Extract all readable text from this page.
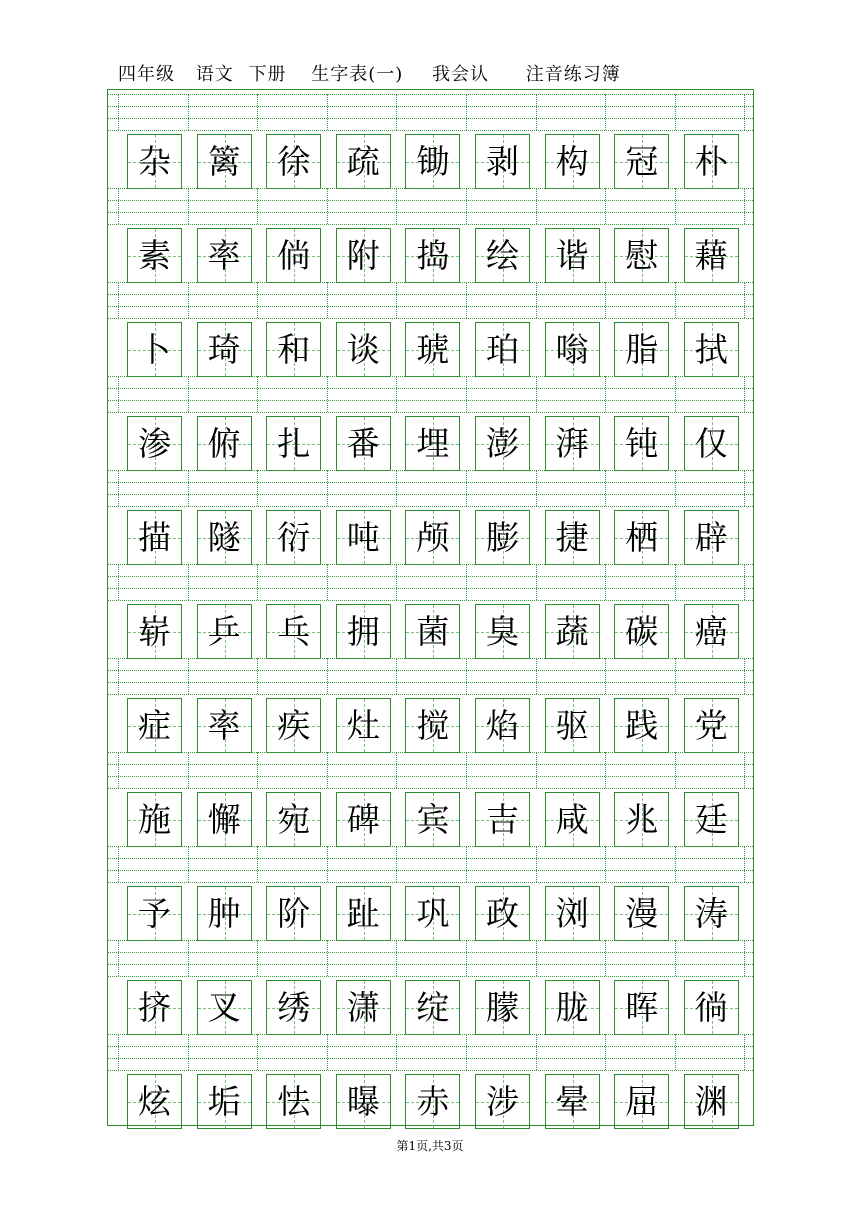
四年级 语文 下册 生字表(一) 我会认 注音练习簿
杂	篱	徐	疏	锄	剥	构	冠	朴
素	率	倘	附	捣	绘	谐	慰	藉
卜	琦	和	谈	琥	珀	嗡	脂	拭
渗	俯	扎	番	埋	澎	湃	钝	仅
描	隧	衍	吨	颅	膨	捷	栖	辟
崭	乒	乓	拥	菌	臭	蔬	碳	癌
症	率	疾	灶	搅	焰	驱	践	党
施	懈	宛	碑	宾	吉	咸	兆	廷
予	肿	阶	趾	巩	政	浏	漫	涛
挤	叉	绣	潇	绽	朦	胧	晖	徜
炫	垢	怯	曝	赤	涉	晕	屈	渊
第1页,共3页
